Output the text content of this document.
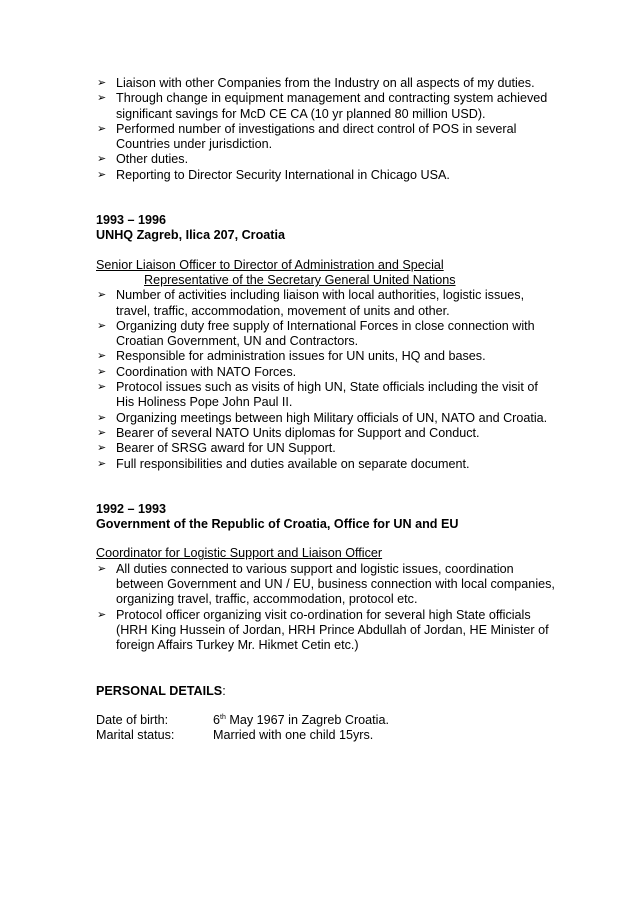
➢ Liaison with other Companies from the Industry on all aspects of my duties.
➢ Through change in equipment management and contracting system achieved significant savings for McD CE CA (10 yr planned 80 million USD).
➢ Performed number of investigations and direct control of POS in several Countries under jurisdiction.
➢ Other duties.
➢ Reporting to Director Security International in Chicago USA.
1993 – 1996
UNHQ Zagreb, Ilica 207, Croatia
Senior Liaison Officer to Director of Administration and Special
Representative of the Secretary General United Nations
➢ Number of activities including liaison with local authorities, logistic issues, travel, traffic, accommodation, movement of units and other.
➢ Organizing duty free supply of International Forces in close connection with Croatian Government, UN and Contractors.
➢ Responsible for administration issues for UN units, HQ and bases.
➢ Coordination with NATO Forces.
➢ Protocol issues such as visits of high UN, State officials including the visit of His Holiness Pope John Paul II.
➢ Organizing meetings between high Military officials of UN, NATO and Croatia.
➢ Bearer of several NATO Units diplomas for Support and Conduct.
➢ Bearer of SRSG award for UN Support.
➢ Full responsibilities and duties available on separate document.
1992 – 1993
Government of the Republic of Croatia, Office for UN and EU
Coordinator for Logistic Support and Liaison Officer
➢ All duties connected to various support and logistic issues, coordination between Government and UN / EU, business connection with local companies, organizing travel, traffic, accommodation, protocol etc.
➢ Protocol officer organizing visit co-ordination for several high State officials (HRH King Hussein of Jordan, HRH Prince Abdullah of Jordan, HE Minister of foreign Affairs Turkey Mr. Hikmet Cetin etc.)
PERSONAL DETAILS:
Date of birth:	6th May 1967 in Zagreb Croatia.
Marital status:	Married with one child 15yrs.
